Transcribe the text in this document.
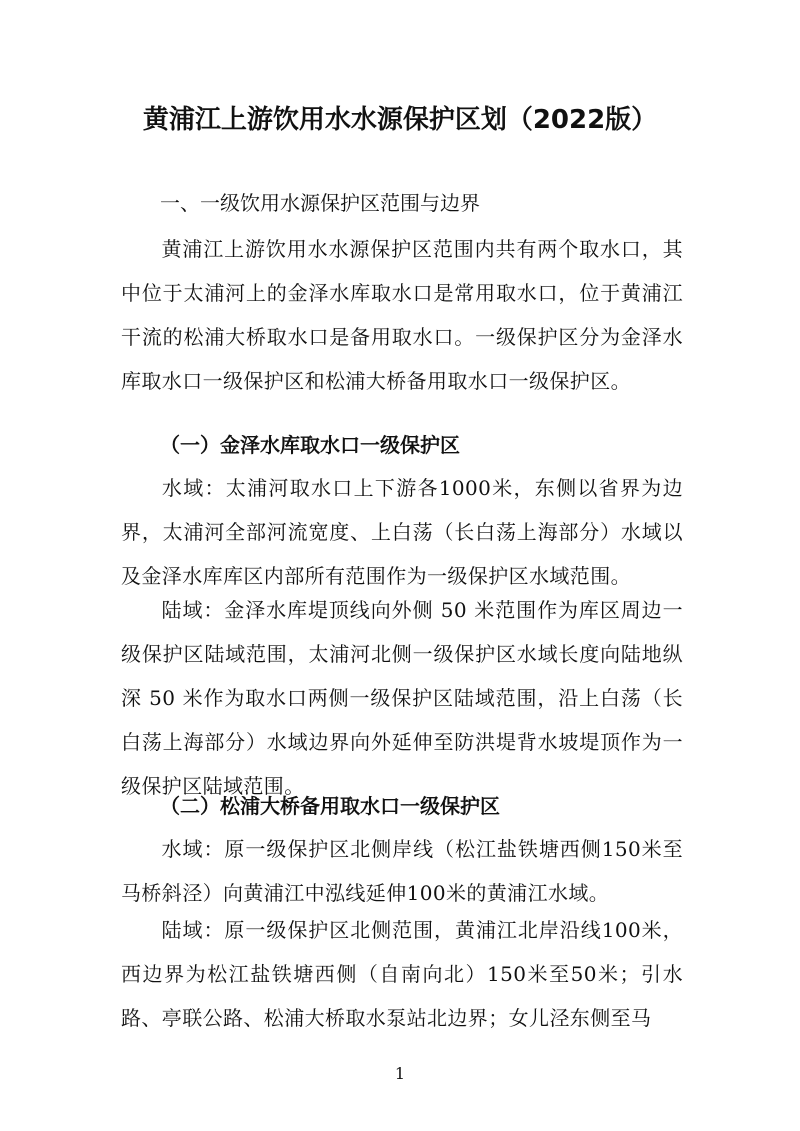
黄浦江上游饮用水水源保护区划（2022版）
一、一级饮用水源保护区范围与边界

黄浦江上游饮用水水源保护区范围内共有两个取水口，其中位于太浦河上的金泽水库取水口是常用取水口，位于黄浦江干流的松浦大桥取水口是备用取水口。一级保护区分为金泽水库取水口一级保护区和松浦大桥备用取水口一级保护区。

（一）金泽水库取水口一级保护区

水域：太浦河取水口上下游各1000米，东侧以省界为边界，太浦河全部河流宽度、上白荡（长白荡上海部分）水域以及金泽水库库区内部所有范围作为一级保护区水域范围。

陆域：金泽水库堤顶线向外侧 50 米范围作为库区周边一级保护区陆域范围，太浦河北侧一级保护区水域长度向陆地纵深 50 米作为取水口两侧一级保护区陆域范围，沿上白荡（长白荡上海部分）水域边界向外延伸至防洪堤背水坡堤顶作为一级保护区陆域范围。

（二）松浦大桥备用取水口一级保护区

水域：原一级保护区北侧岸线（松江盐铁塘西侧150米至马桥斜泾）向黄浦江中泓线延伸100米的黄浦江水域。

陆域：原一级保护区北侧范围，黄浦江北岸沿线100米，西边界为松江盐铁塘西侧（自南向北）150米至50米；引水路、亭联公路、松浦大桥取水泵站北边界；女儿泾东侧至马

1
